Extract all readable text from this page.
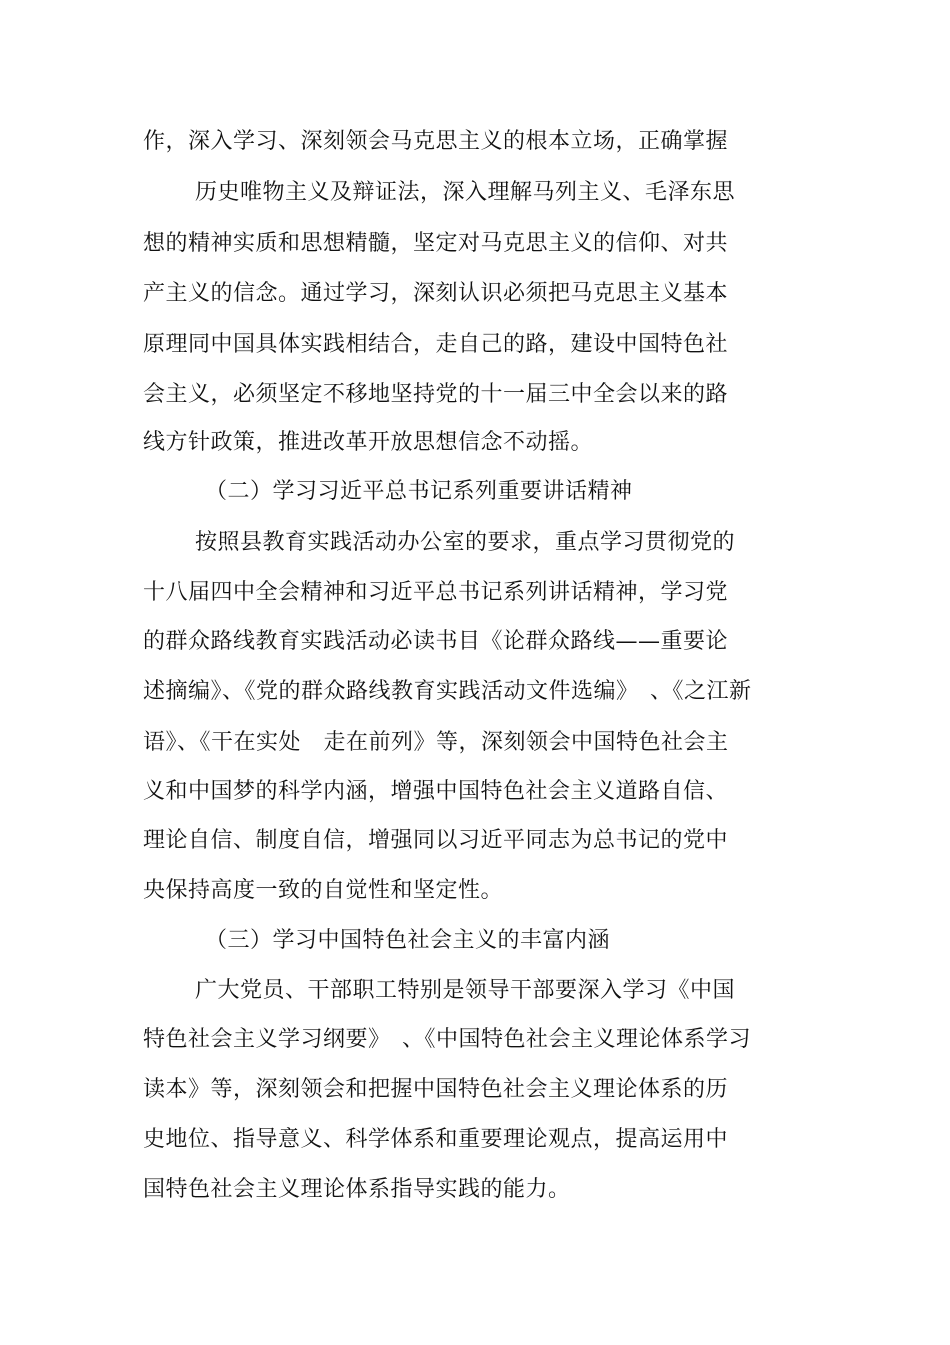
作，深入学习、深刻领会马克思主义的根本立场，正确掌握
历史唯物主义及辩证法，深入理解马列主义、毛泽东思
想的精神实质和思想精髓，坚定对马克思主义的信仰、对共
产主义的信念。通过学习，深刻认识必须把马克思主义基本
原理同中国具体实践相结合，走自己的路，建设中国特色社
会主义，必须坚定不移地坚持党的十一届三中全会以来的路
线方针政策，推进改革开放思想信念不动摇。
（二）学习习近平总书记系列重要讲话精神
按照县教育实践活动办公室的要求，重点学习贯彻党的
十八届四中全会精神和习近平总书记系列讲话精神，学习党
的群众路线教育实践活动必读书目《论群众路线——重要论
述摘编》、《党的群众路线教育实践活动文件选编》　、《之江新
语》、《干在实处　走在前列》等，深刻领会中国特色社会主
义和中国梦的科学内涵，增强中国特色社会主义道路自信、
理论自信、制度自信，增强同以习近平同志为总书记的党中
央保持高度一致的自觉性和坚定性。
（三）学习中国特色社会主义的丰富内涵
广大党员、干部职工特别是领导干部要深入学习《中国
特色社会主义学习纲要》　、《中国特色社会主义理论体系学习
读本》等，深刻领会和把握中国特色社会主义理论体系的历
史地位、指导意义、科学体系和重要理论观点，提高运用中
国特色社会主义理论体系指导实践的能力。
